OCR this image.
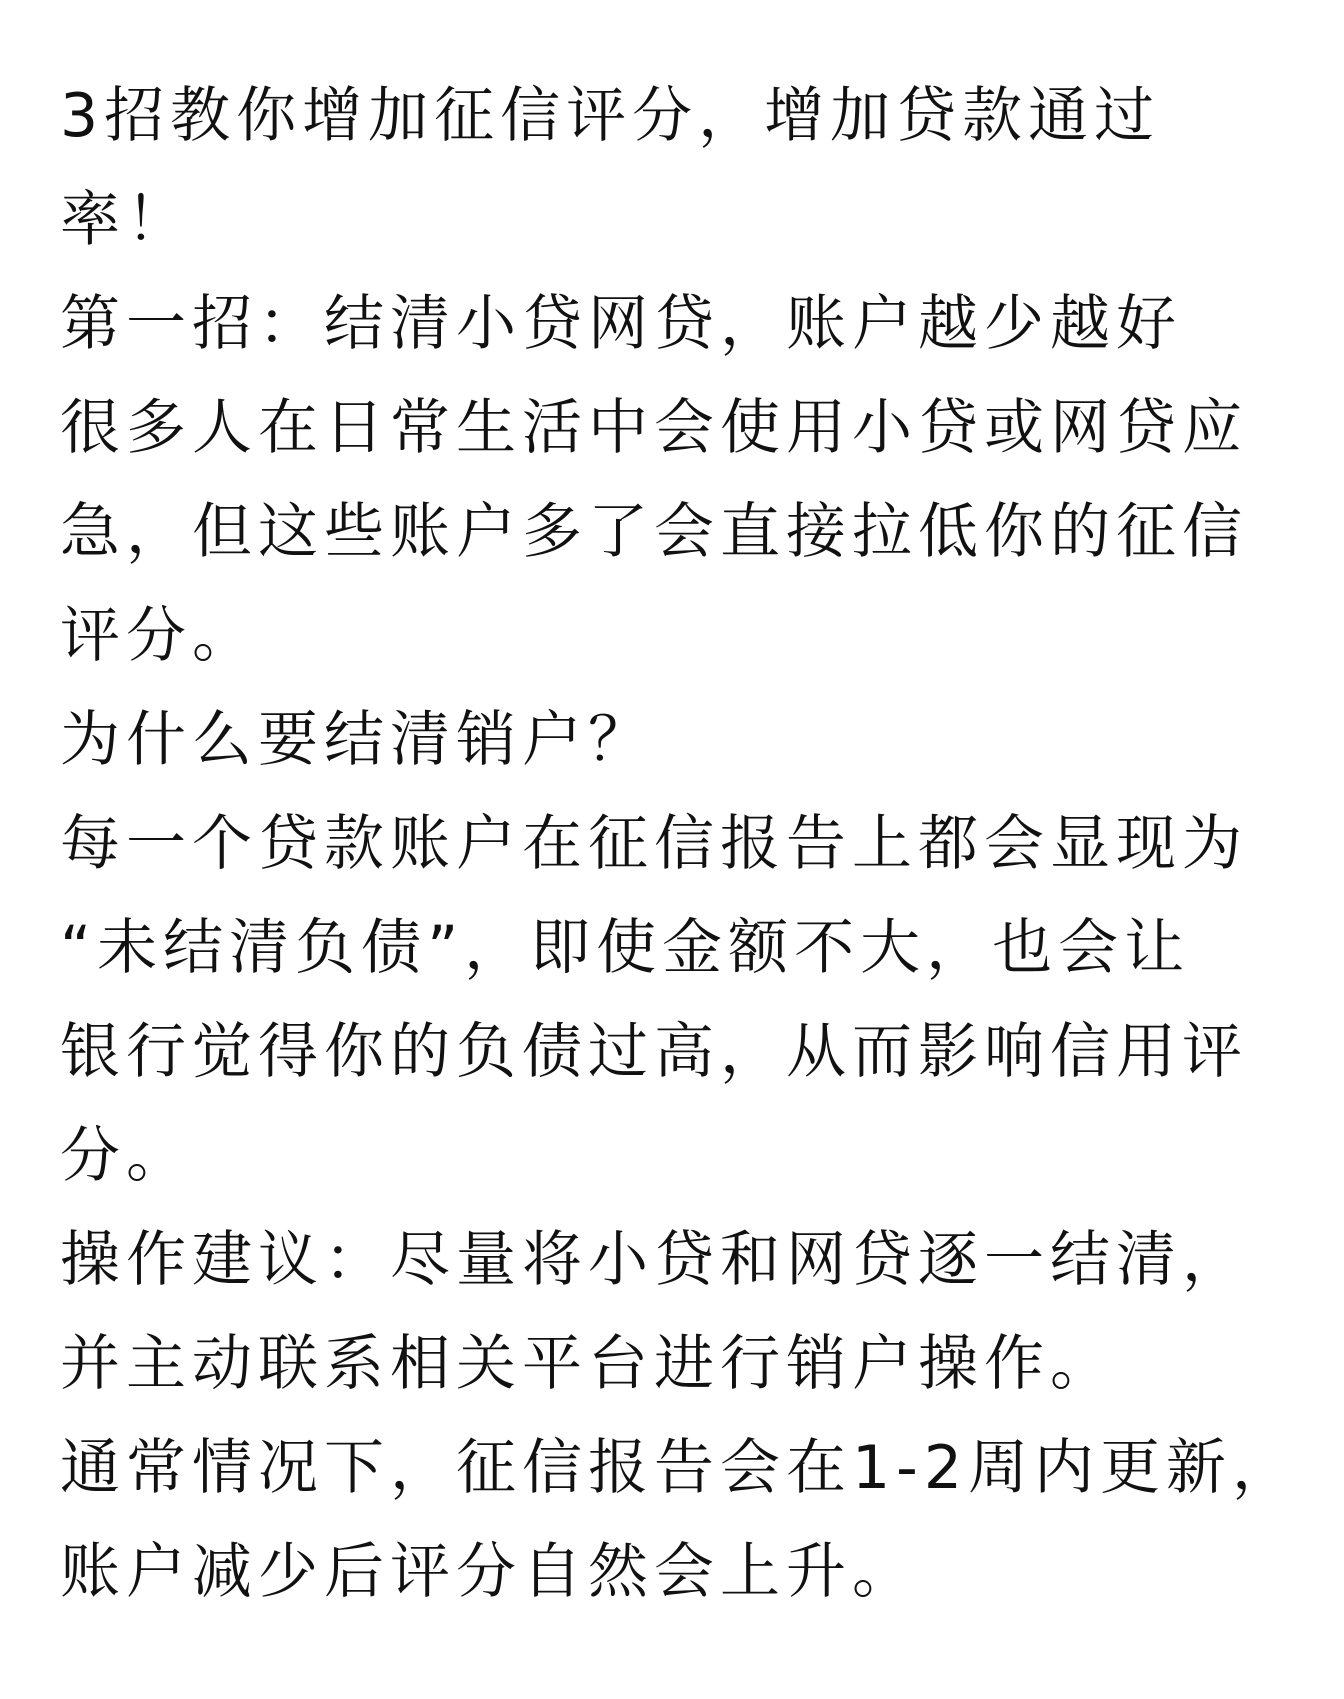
3招教你增加征信评分，增加贷款通过
率！
第一招：结清小贷网贷，账户越少越好
很多人在日常生活中会使用小贷或网贷应
急，但这些账户多了会直接拉低你的征信
评分。
为什么要结清销户？
每一个贷款账户在征信报告上都会显现为
“未结清负债”，即使金额不大，也会让
银行觉得你的负债过高，从而影响信用评
分。
操作建议：尽量将小贷和网贷逐一结清，
并主动联系相关平台进行销户操作。
通常情况下，征信报告会在1-2周内更新，
账户减少后评分自然会上升。
